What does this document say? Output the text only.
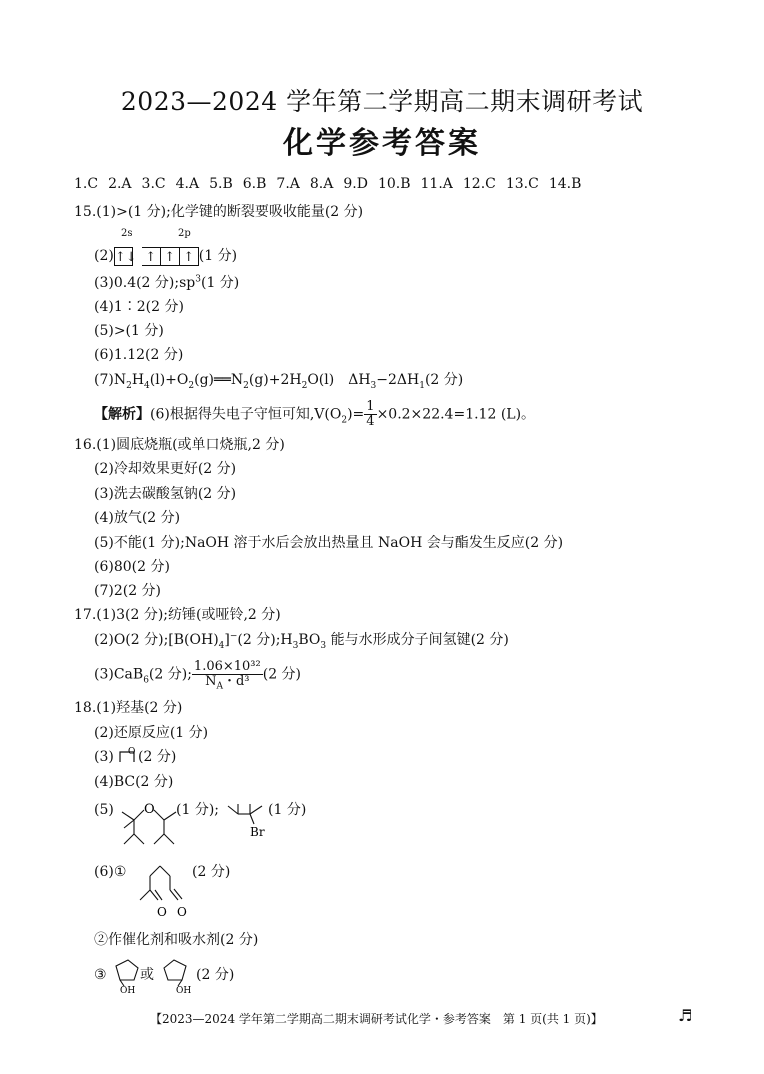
2023—2024 学年第二学期高二期末调研考试
化学参考答案
1.C 2.A 3.C 4.A 5.B 6.B 7.A 8.A 9.D 10.B 11.A 12.C 13.C 14.B
15.(1)>(1 分);化学键的断裂要吸收能量(2 分)
2s	2p
(2)↑↓ ↑ ↑ ↑ (1 分)
(3)0.4(2 分)$;sp^3(1$ 分)
(4)1∶2(2 分)
(5)>(1 分)
(6)1.12(2 分)
$(7)N_2H_4(l)+O_2(g)══N_2(g)+2H_2O(l)$　$\Delta H_3-2\Delta H_1(2$ 分)
【解析】(6)根据得失电子守恒可知$,V(O_2)= \frac{1}{4} \times 0.2\times 22.4=1.12$ (L)。
16.(1)圆底烧瓶(或单口烧瓶,2 分)
(2)冷却效果更好(2 分)
(3)洗去碳酸氢钠(2 分)
(4)放气(2 分)
(5)不能(1 分);NaOH 溶于水后会放出热量且 NaOH 会与酯发生反应(2 分)
(6)80(2 分)
(7)2(2 分)
17.(1)3(2 分);纺锤(或哑铃,2 分)
(2)O(2 分)$;[B(OH)_4]^-(2$ 分)$;H_3BO_3$ 能与水形成分子间氢键(2 分)
(3)CaB$_6$(2 分); $\frac{\text{1.06×10³²}}{N_A・d^3} (2$ 分)
18.(1)羟基(2 分)
(2)还原反应(1 分)
(3) O (2 分)
(4)BC(2 分)
(5) O (1 分);
Br
(1 分)
(6)①
O O
(2 分)
②作催化剂和吸水剂(2 分)
③
OH
或
OH
(2 分)
【2023—2024 学年第二学期高二期末调研考试化学・参考答案　第 1 页(共 1 页)】	♬
